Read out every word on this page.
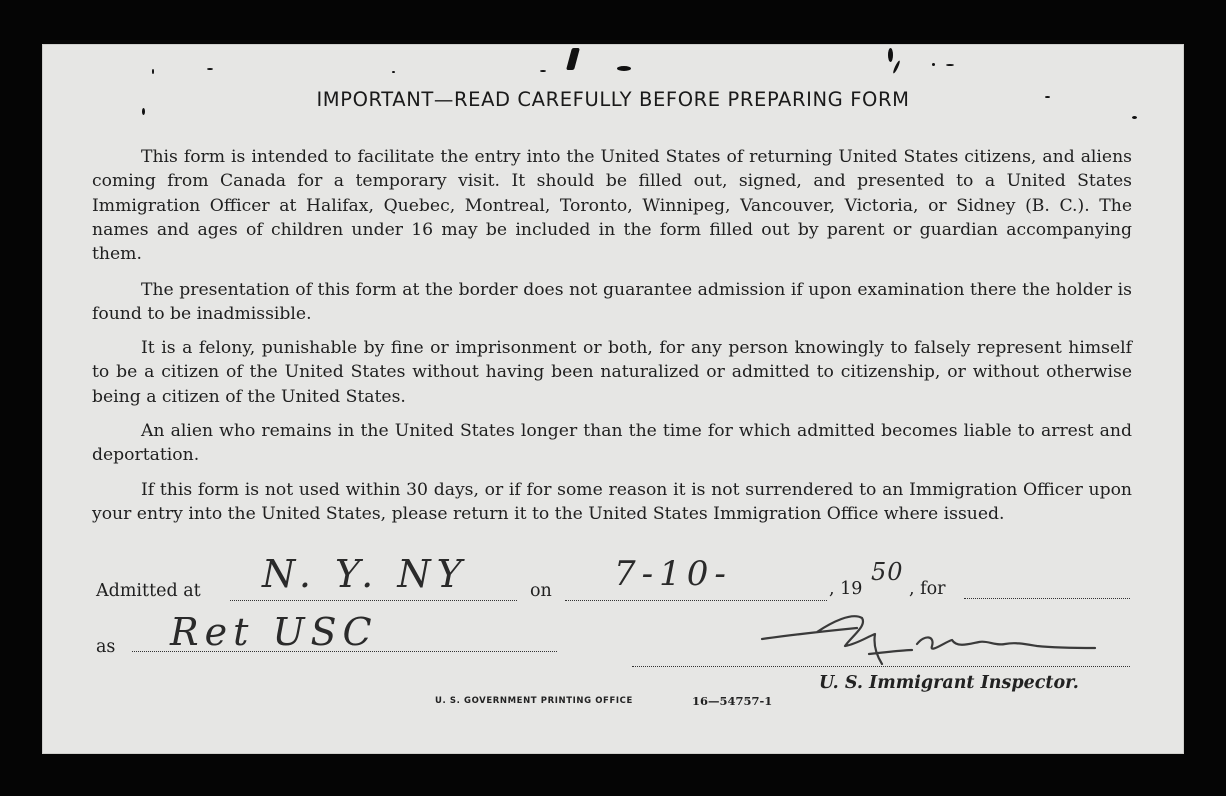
IMPORTANT—READ CAREFULLY BEFORE PREPARING FORM

This form is intended to facilitate the entry into the United States of returning United States citizens, and aliens coming from Canada for a temporary visit. It should be filled out, signed, and presented to a United States Immigration Officer at Halifax, Quebec, Montreal, Toronto, Winnipeg, Vancouver, Victoria, or Sidney (B. C.). The names and ages of children under 16 may be included in the form filled out by parent or guardian accompanying them.

The presentation of this form at the border does not guarantee admission if upon examination there the holder is found to be inadmissible.

It is a felony, punishable by fine or imprisonment or both, for any person knowingly to falsely represent himself to be a citizen of the United States without having been naturalized or admitted to citizenship, or without otherwise being a citizen of the United States.

An alien who remains in the United States longer than the time for which admitted becomes liable to arrest and deportation.

If this form is not used within 30 days, or if for some reason it is not surrendered to an Immigration Officer upon your entry into the United States, please return it to the United States Immigration Office where issued.

Admitted at N. Y. NY	on 7-10-	, 19
50
, for
as Ret USC
U. S. Immigrant Inspector.
U. S. GOVERNMENT PRINTING OFFICE	16—54757-1
